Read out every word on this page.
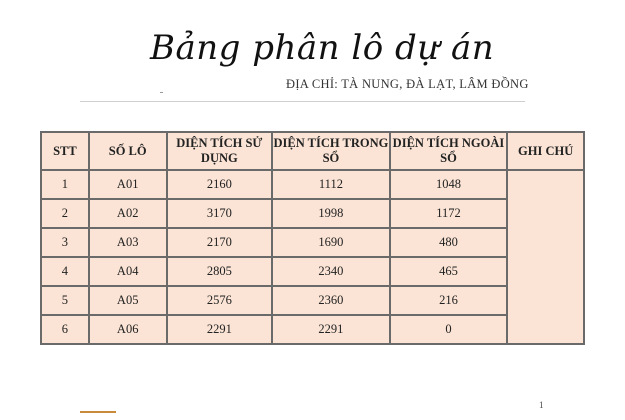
Bảng phân lô dự án
ĐỊA CHỈ: TÀ NUNG, ĐÀ LẠT, LÂM ĐỒNG
STT	SỐ LÔ	DIỆN TÍCH SỬ DỤNG	DIỆN TÍCH TRONG SỔ	DIỆN TÍCH NGOÀI SỔ	GHI CHÚ
1	A01	2160	1112	1048	
2	A02	3170	1998	1172	
3	A03	2170	1690	480	
4	A04	2805	2340	465	
5	A05	2576	2360	216	
6	A06	2291	2291	0	
1
